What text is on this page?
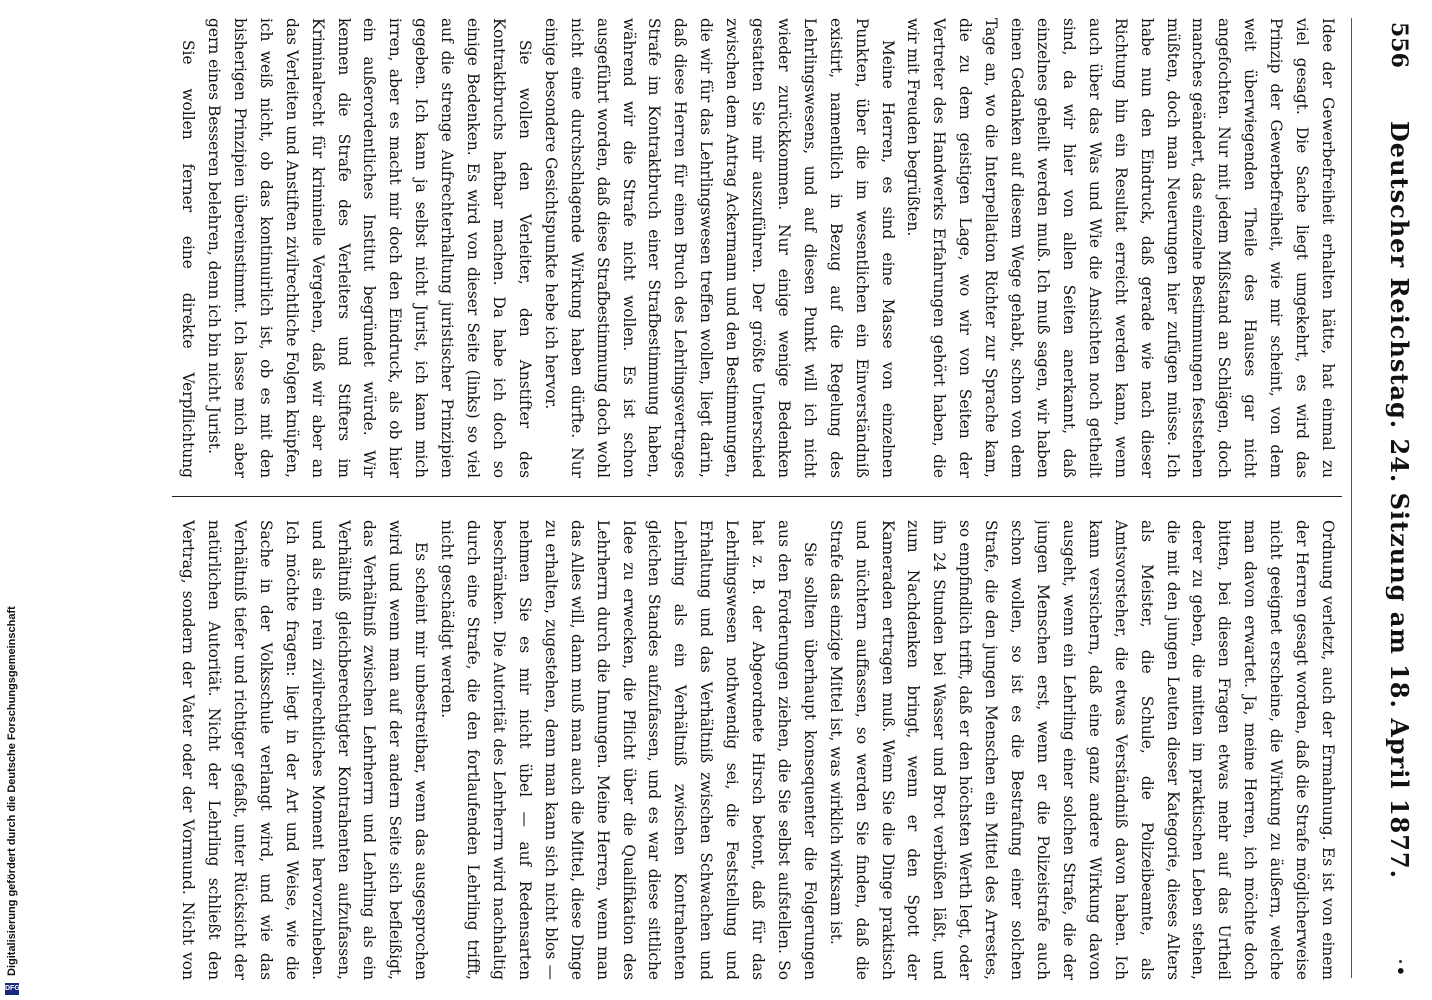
556
Deutscher Reichstag. 24. Sitzung am 18. April 1877.
•

Idee der Gewerbefreiheit erhalten hätte, hat einmal zu viel gesagt. Die Sache liegt umgekehrt, es wird das Prinzip der Gewerbefreiheit, wie mir scheint, von dem weit überwiegenden Theile des Hauses gar nicht angefochten. Nur mit jedem Mißstand an Schlägen, doch manches geändert, das einzelne Bestimmungen feststehen müßten, doch man Neuerungen hier zufügen müsse. Ich habe nun den Eindruck, daß gerade wie nach dieser Richtung hin ein Resultat erreicht werden kann, wenn auch über das Was und Wie die Ansichten noch getheilt sind, da wir hier von allen Seiten anerkannt, daß einzelnes geheilt werden muß. Ich muß sagen, wir haben einen Gedanken auf diesem Wege gehabt, schon von dem Tage an, wo die Interpellation Richter zur Sprache kam, die zu dem geistigen Lage, wo wir von Seiten der Vertreter des Handwerks Erfahrungen gehört haben, die wir mit Freuden begrüßten.

Meine Herren, es sind eine Masse von einzelnen Punkten, über die im wesentlichen ein Einverständniß existirt, namentlich in Bezug auf die Regelung des Lehrlingswesens, und auf diesen Punkt will ich nicht wieder zurückkommen. Nur einige wenige Bedenken gestatten Sie mir auszuführen. Der größte Unterschied zwischen dem Antrag Ackermann und den Bestimmungen, die wir für das Lehrlingswesen treffen wollen, liegt darin, daß diese Herren für einen Bruch des Lehrlingsvertrages Strafe im Kontraktbruch einer Strafbestimmung haben, während wir die Strafe nicht wollen. Es ist schon ausgeführt worden, daß diese Strafbestimmung doch wohl nicht eine durchschlagende Wirkung haben dürfte. Nur einige besondere Gesichtspunkte hebe ich hervor.

Sie wollen den Verleiter, den Anstifter des Kontraktbruchs haftbar machen. Da habe ich doch so einige Bedenken. Es wird von dieser Seite (links) so viel auf die strenge Aufrechterhaltung juristischer Prinzipien gegeben. Ich kann ja selbst nicht Jurist, ich kann mich irren, aber es macht mir doch den Eindruck, als ob hier ein außerordentliches Institut begründet würde. Wir kennen die Strafe des Verleiters und Stifters im Kriminalrecht für kriminelle Vergehen, daß wir aber an das Verleiten und Anstiften zivilrechtliche Folgen knüpfen, ich weiß nicht, ob das kontinuirlich ist, ob es mit den bisherigen Prinzipien übereinstimmt. Ich lasse mich aber gern eines Besseren belehren, denn ich bin nicht Jurist.

Sie wollen ferner eine direkte Verpflichtung

Ordnung verletzt, auch der Ermahnung. Es ist von einem der Herren gesagt worden, daß die Strafe möglicherweise nicht geeignet erscheine, die Wirkung zu äußern, welche man davon erwartet. Ja, meine Herren, ich möchte doch bitten, bei diesen Fragen etwas mehr auf das Urtheil derer zu geben, die mitten im praktischen Leben stehen, die mit den jungen Leuten dieser Kategorie, dieses Alters als Meister, die Schule, die Polizeibeamte, als Amtsvorsteher, die etwas Verständniß davon haben. Ich kann versichern, daß eine ganz andere Wirkung davon ausgeht, wenn ein Lehrling einer solchen Strafe, die der jungen Menschen erst, wenn er die Polizeistrafe auch schon wollen, so ist es die Bestrafung einer solchen Strafe, die den jungen Menschen ein Mittel des Arrestes, so empfindlich trifft, daß er den höchsten Werth legt, oder ihn 24 Stunden bei Wasser und Brot verbüßen läßt, und zum Nachdenken bringt, wenn er den Spott der Kameraden ertragen muß. Wenn Sie die Dinge praktisch und nüchtern auffassen, so werden Sie finden, daß die Strafe das einzige Mittel ist, was wirklich wirksam ist.

Sie sollten überhaupt konsequenter die Folgerungen aus den Forderungen ziehen, die Sie selbst aufstellen. So hat z. B. der Abgeordnete Hirsch betont, daß für das Lehrlingswesen nothwendig sei, die Feststellung und Erhaltung und das Verhältniß zwischen Schwachen und Lehrling als ein Verhältniß zwischen Kontrahenten gleichen Standes aufzufassen, und es war diese sittliche Idee zu erwecken, die Pflicht über die Qualifikation des Lehrherrn durch die Innungen. Meine Herren, wenn man das Alles will, dann muß man auch die Mittel, diese Dinge zu erhalten, zugestehen, denn man kann sich nicht blos — nehmen Sie es mir nicht übel — auf Redensarten beschränken. Die Autorität des Lehrherrn wird nachhaltig durch eine Strafe, die den fortlaufenden Lehrling trifft, nicht geschädigt werden.

Es scheint mir unbestreitbar, wenn das ausgesprochen wird und wenn man auf der andern Seite sich befleißigt, das Verhältniß zwischen Lehrherrn und Lehrling als ein Verhältniß gleichberechtigter Kontrahenten aufzufassen, und als ein rein zivilrechtliches Moment hervorzuheben. Ich möchte fragen: liegt in der Art und Weise, wie die Sache in der Volksschule verlangt wird, und wie das Verhältniß tiefer und richtiger gefaßt, unter Rücksicht der natürlichen Autorität. Nicht der Lehrling schließt den Vertrag, sondern der Vater oder der Vormund. Nicht von

DFG
Digitalisierung gefördert durch die Deutsche Forschungsgemeinschaft
